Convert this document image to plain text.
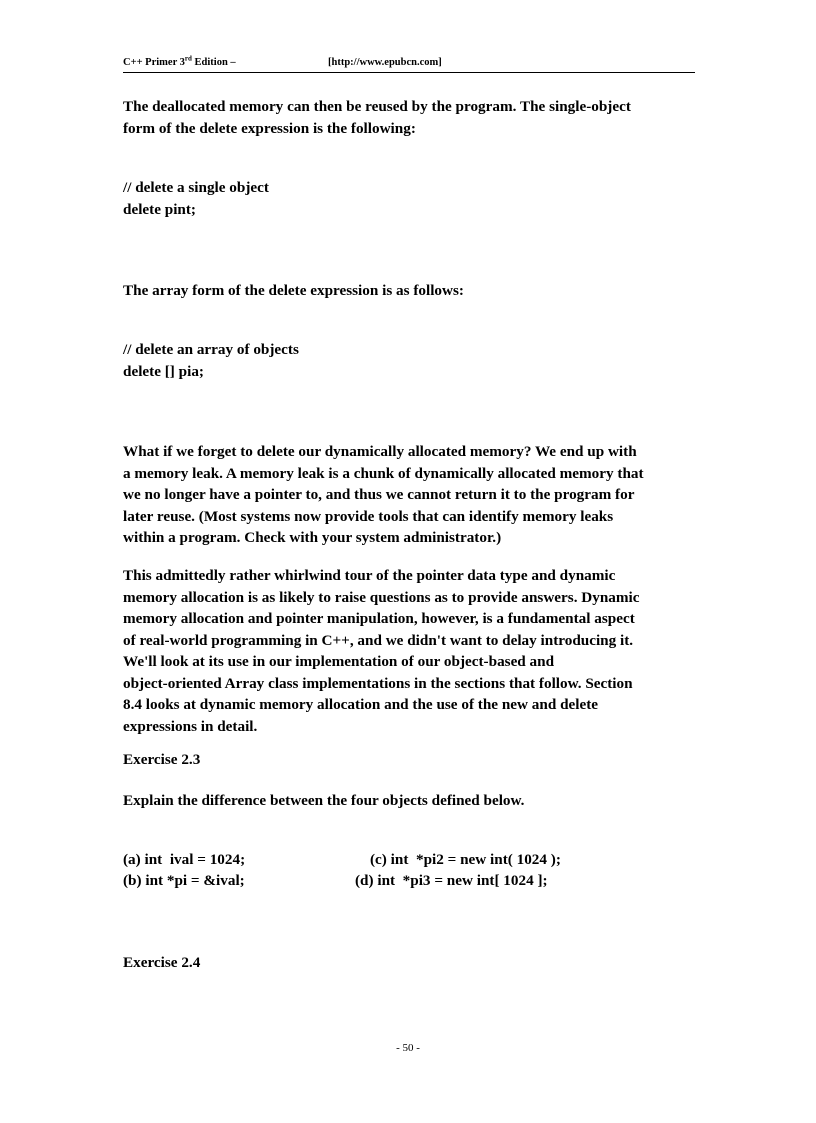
C++ Primer 3rd Edition –	[http://www.epubcn.com]
The deallocated memory can then be reused by the program. The single-object
form of the delete expression is the following:
// delete a single object
delete pint;
The array form of the delete expression is as follows:
// delete an array of objects
delete [] pia;
What if we forget to delete our dynamically allocated memory? We end up with
a memory leak. A memory leak is a chunk of dynamically allocated memory that
we no longer have a pointer to, and thus we cannot return it to the program for
later reuse. (Most systems now provide tools that can identify memory leaks
within a program. Check with your system administrator.)
This admittedly rather whirlwind tour of the pointer data type and dynamic
memory allocation is as likely to raise questions as to provide answers. Dynamic
memory allocation and pointer manipulation, however, is a fundamental aspect
of real-world programming in C++, and we didn't want to delay introducing it.
We'll look at its use in our implementation of our object-based and
object-oriented Array class implementations in the sections that follow. Section
8.4 looks at dynamic memory allocation and the use of the new and delete
expressions in detail.
Exercise 2.3
Explain the difference between the four objects defined below.
(a) int  ival = 1024;	(c) int  *pi2 = new int( 1024 );
(b) int *pi = &ival;	(d) int  *pi3 = new int[ 1024 ];
Exercise 2.4
- 50 -
